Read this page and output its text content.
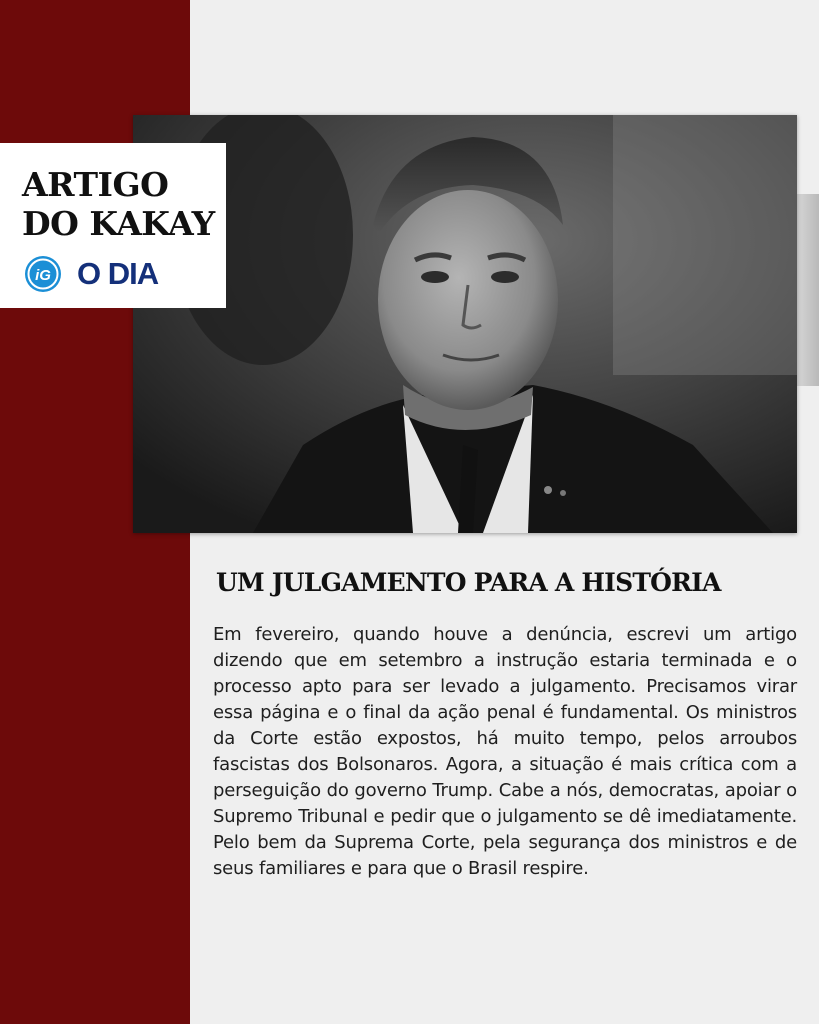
ARTIGO
DO KAKAY

iG O DIA

UM JULGAMENTO PARA A HISTÓRIA

Em fevereiro, quando houve a denúncia, escrevi um artigo dizendo que em setembro a instrução estaria terminada e o processo apto para ser levado a julgamento. Precisamos virar essa página e o final da ação penal é fundamental. Os ministros da Corte estão expostos, há muito tempo, pelos arroubos fascistas dos Bolsonaros. Agora, a situação é mais crítica com a perseguição do governo Trump. Cabe a nós, democratas, apoiar o Supremo Tribunal e pedir que o julgamento se dê imediatamente. Pelo bem da Suprema Corte, pela segurança dos ministros e de seus familiares e para que o Brasil respire.
